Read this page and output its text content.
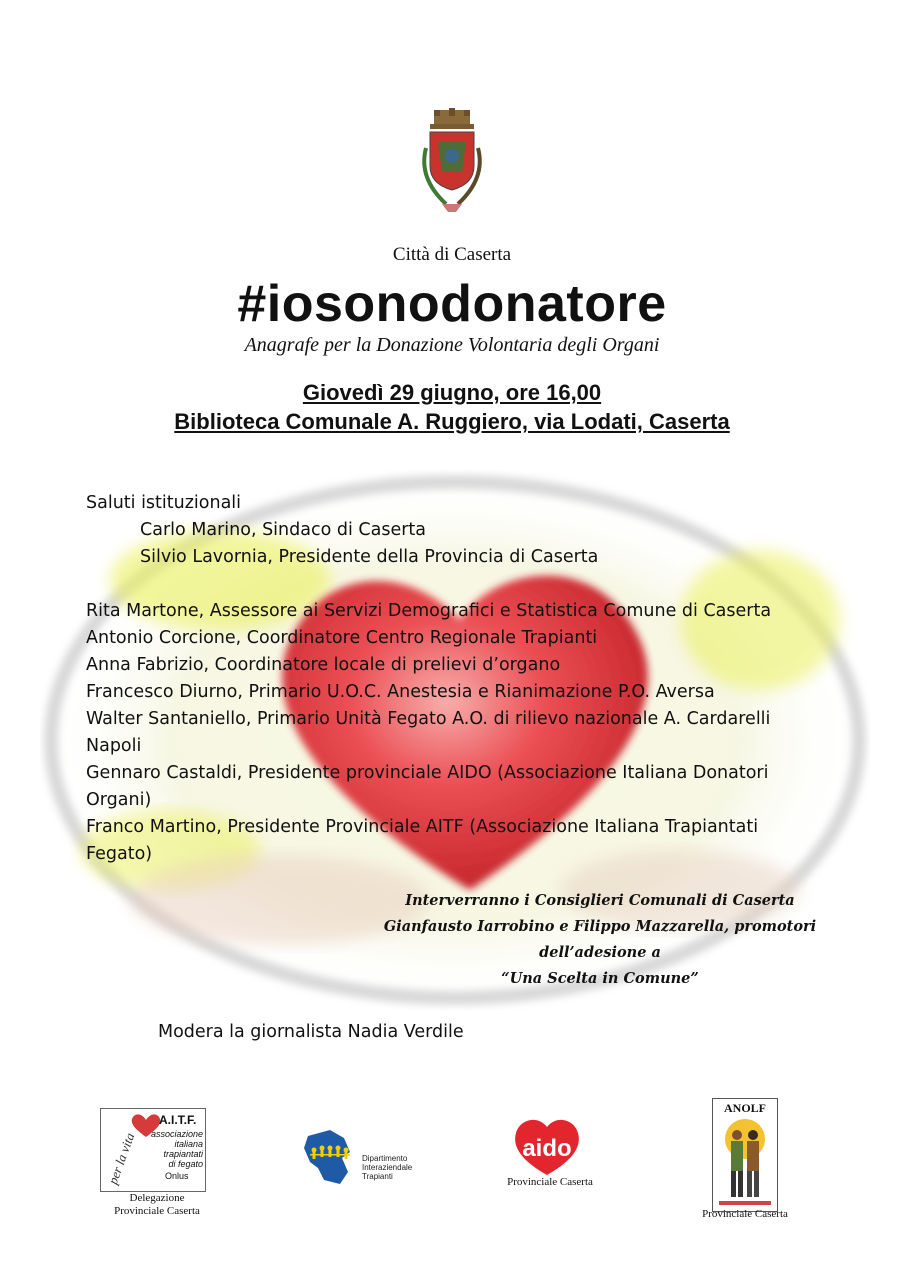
Città di Caserta
#iosonodonatore
Anagrafe per la Donazione Volontaria degli Organi
Giovedì 29 giugno, ore 16,00
Biblioteca Comunale A. Ruggiero, via Lodati, Caserta
Saluti istituzionali
Carlo Marino, Sindaco di Caserta
Silvio Lavornia, Presidente della Provincia di Caserta
Rita Martone, Assessore ai Servizi Demografici e Statistica Comune di Caserta
Antonio Corcione, Coordinatore Centro Regionale Trapianti
Anna Fabrizio, Coordinatore locale di prelievi d’organo
Francesco Diurno, Primario U.O.C. Anestesia e Rianimazione P.O. Aversa
Walter Santaniello, Primario Unità Fegato A.O. di rilievo nazionale A. Cardarelli
Napoli
Gennaro Castaldi, Presidente provinciale AIDO (Associazione Italiana Donatori
Organi)
Franco Martino, Presidente Provinciale AITF (Associazione Italiana Trapiantati
Fegato)
Interverranno i Consiglieri Comunali di Caserta
Gianfausto Iarrobino e Filippo Mazzarella, promotori
dell’adesione a
“Una Scelta in Comune”
Modera la giornalista Nadia Verdile
per la vita
A.I.T.F.
associazione
italiana
trapiantati
di fegato
Onlus
Delegazione
Provinciale Caserta
Dipartimento
Interaziendale
Trapianti
aido
Provinciale Caserta
ANOLF
Provinciale Caserta
